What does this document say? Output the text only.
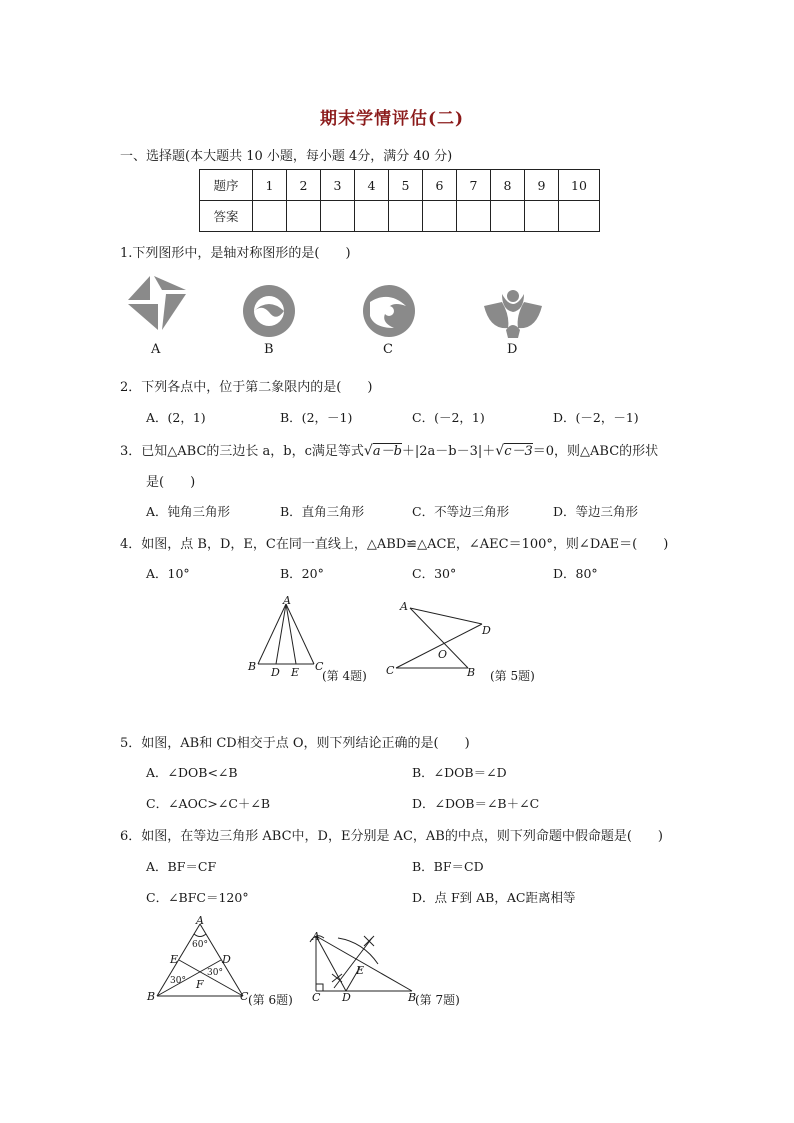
期末学情评估(二)
一、选择题(本大题共 10 小题，每小题 4分，满分 40 分)
题序	1	2	3	4	5	6	7	8	9	10
答案										
1.下列图形中，是轴对称图形的是(　　)
A	B	C	D
2．下列各点中，位于第二象限内的是(　　)
A．(2，1)	B．(2，－1)	C．(－2，1)	D．(－2，－1)
3．已知△ABC的三边长 a，b，c满足等式√a－b＋|2a－b－3|＋√c－3＝0，则△ABC的形状
是(　　)
A．钝角三角形	B．直角三角形	C．不等边三角形	D．等边三角形
4．如图，点 B，D，E，C在同一直线上，△ABD≌△ACE，∠AEC＝100°，则∠DAE＝(　　)
A．10°	B．20°	C．30°	D．80°
A
B D E C
(第 4题)
A
D
O
C	B (第 5题)
5．如图，AB和 CD相交于点 O，则下列结论正确的是(　　)
A．∠DOB<∠B	B．∠DOB＝∠D
C．∠AOC>∠C＋∠B	D．∠DOB＝∠B＋∠C
6．如图，在等边三角形 ABC中，D，E分别是 AC，AB的中点，则下列命题中假命题是(　　)
A．BF＝CF	B．BF＝CD
C．∠BFC＝120°	D．点 F到 AB，AC距离相等
A
E	D
F
B	C
60°
30°
30°
(第 6题)
A
E
C D	B
(第 7题)
